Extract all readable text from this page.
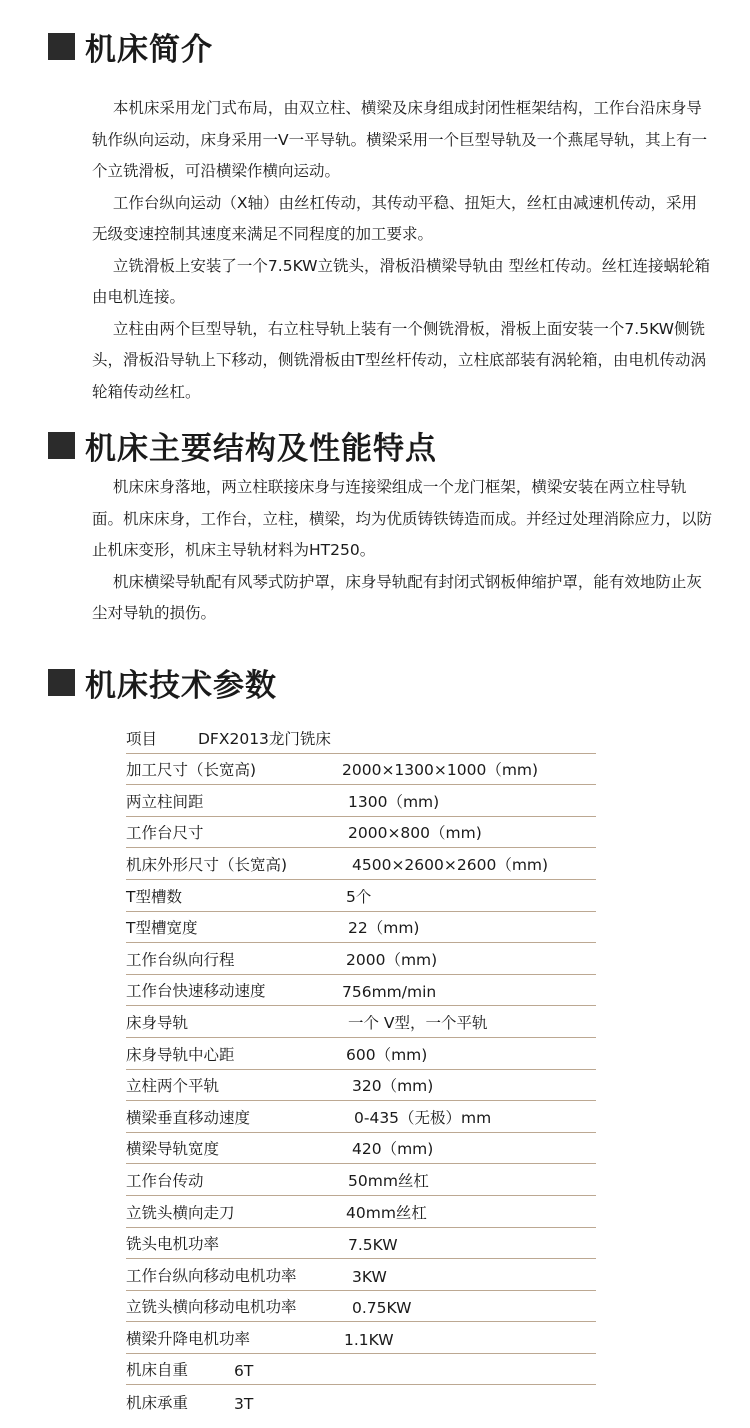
机床简介

本机床采用龙门式布局，由双立柱、横梁及床身组成封闭性框架结构，工作台沿床身导轨作纵向运动，床身采用一V一平导轨。横梁采用一个巨型导轨及一个燕尾导轨，其上有一个立铣滑板，可沿横梁作横向运动。

工作台纵向运动（X轴）由丝杠传动，其传动平稳、扭矩大，丝杠由减速机传动，采用无级变速控制其速度来满足不同程度的加工要求。

立铣滑板上安装了一个7.5KW立铣头，滑板沿横梁导轨由 型丝杠传动。丝杠连接蜗轮箱由电机连接。

立柱由两个巨型导轨，右立柱导轨上装有一个侧铣滑板，滑板上面安装一个7.5KW侧铣头，滑板沿导轨上下移动，侧铣滑板由T型丝杆传动，立柱底部装有涡轮箱，由电机传动涡轮箱传动丝杠。

机床主要结构及性能特点

机床床身落地，两立柱联接床身与连接梁组成一个龙门框架，横梁安装在两立柱导轨面。机床床身，工作台，立柱，横梁，均为优质铸铁铸造而成。并经过处理消除应力，以防止机床变形，机床主导轨材料为HT250。

机床横梁导轨配有风琴式防护罩，床身导轨配有封闭式钢板伸缩护罩，能有效地防止灰尘对导轨的损伤。

机床技术参数
项目	DFX2013龙门铣床
加工尺寸（长宽高)	2000×1300×1000（mm)
两立柱间距	1300（mm)
工作台尺寸	2000×800（mm)
机床外形尺寸（长宽高)	4500×2600×2600（mm)
T型槽数	5个
T型槽宽度	22（mm)
工作台纵向行程	2000（mm)
工作台快速移动速度	756mm/min
床身导轨	一个 V型，一个平轨
床身导轨中心距	600（mm)
立柱两个平轨	320（mm)
横梁垂直移动速度	0-435（无极）mm
横梁导轨宽度	420（mm)
工作台传动	50mm丝杠
立铣头横向走刀	40mm丝杠
铣头电机功率	7.5KW
工作台纵向移动电机功率	3KW
立铣头横向移动电机功率	0.75KW
横梁升降电机功率	1.1KW
机床自重	6T
机床承重	3T
